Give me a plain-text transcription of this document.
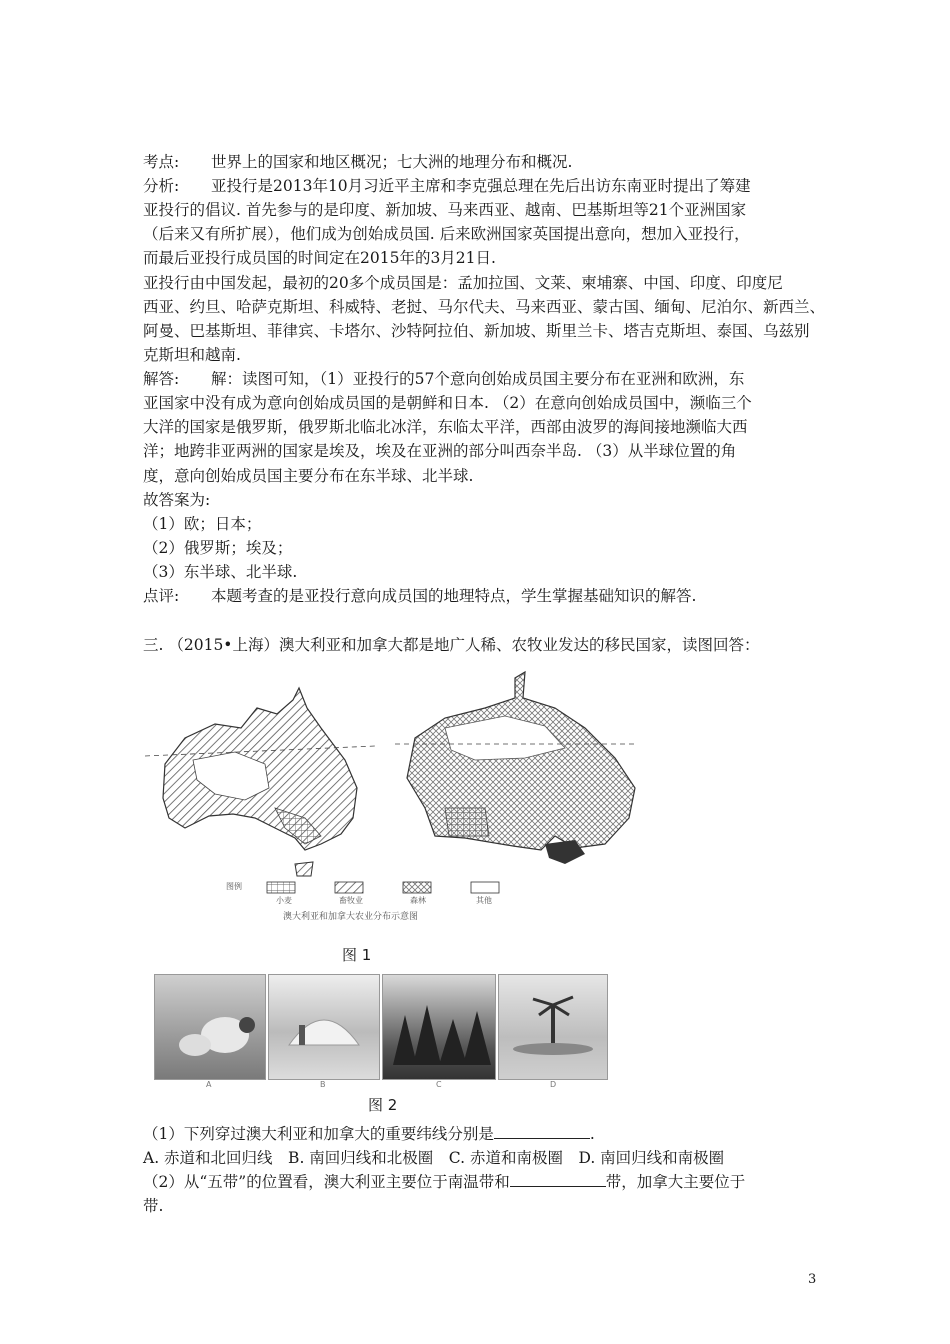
考点: 世界上的国家和地区概况；七大洲的地理分布和概况.
分析: 亚投行是2013年10月习近平主席和李克强总理在先后出访东南亚时提出了筹建
亚投行的倡议. 首先参与的是印度、新加坡、马来西亚、越南、巴基斯坦等21个亚洲国家
（后来又有所扩展），他们成为创始成员国. 后来欧洲国家英国提出意向，想加入亚投行，
而最后亚投行成员国的时间定在2015年的3月21日.
亚投行由中国发起，最初的20多个成员国是：孟加拉国、文莱、柬埔寨、中国、印度、印度尼
西亚、约旦、哈萨克斯坦、科威特、老挝、马尔代夫、马来西亚、蒙古国、缅甸、尼泊尔、新西兰、
阿曼、巴基斯坦、菲律宾、卡塔尔、沙特阿拉伯、新加坡、斯里兰卡、塔吉克斯坦、泰国、乌兹别
克斯坦和越南.
解答: 解：读图可知，（1）亚投行的57个意向创始成员国主要分布在亚洲和欧洲，东
亚国家中没有成为意向创始成员国的是朝鲜和日本. （2）在意向创始成员国中，濒临三个
大洋的国家是俄罗斯，俄罗斯北临北冰洋，东临太平洋，西部由波罗的海间接地濒临大西
洋；地跨非亚两洲的国家是埃及，埃及在亚洲的部分叫西奈半岛. （3）从半球位置的角
度，意向创始成员国主要分布在东半球、北半球.
故答案为:
（1）欧；日本；
（2）俄罗斯；埃及；
（3）东半球、北半球.
点评: 本题考查的是亚投行意向成员国的地理特点，学生掌握基础知识的解答.
三. （2015•上海）澳大利亚和加拿大都是地广人稀、农牧业发达的移民国家，读图回答：
图例
小麦	畜牧业	森林	其他
澳大利亚和加拿大农业分布示意图
图 1
A	B	C	D
图 2
（1）下列穿过澳大利亚和加拿大的重要纬线分别是	.
A. 赤道和北回归线　B. 南回归线和北极圈　C. 赤道和南极圈　D. 南回归线和南极圈
（2）从“五带”的位置看，澳大利亚主要位于南温带和	带，加拿大主要位于
带.
3
